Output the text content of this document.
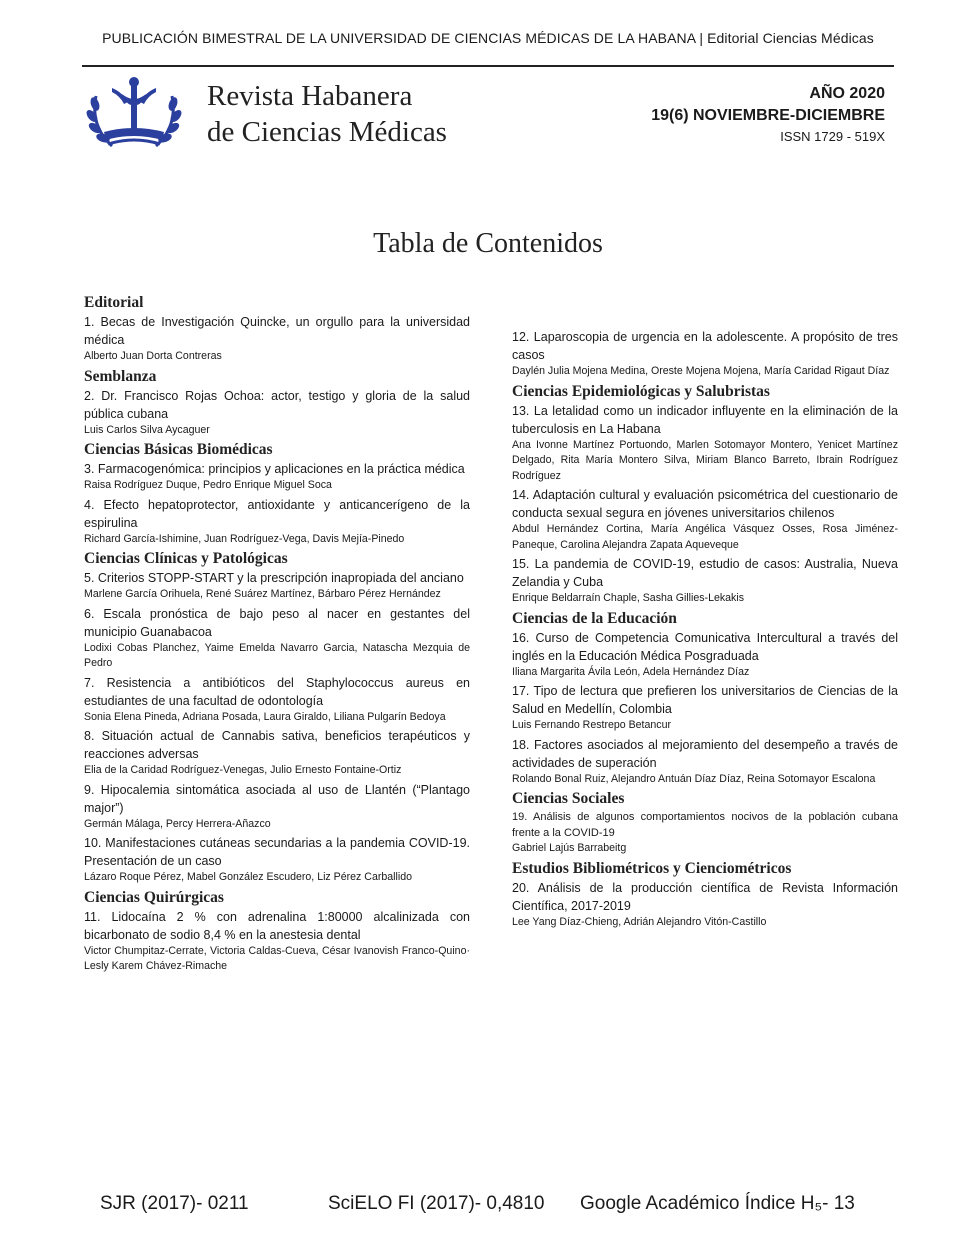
PUBLICACIÓN BIMESTRAL DE LA UNIVERSIDAD DE CIENCIAS MÉDICAS DE LA HABANA | Editorial Ciencias Médicas
Revista Habanera
de Ciencias Médicas
AÑO 2020
19(6) NOVIEMBRE-DICIEMBRE
ISSN 1729 - 519X
Tabla de Contenidos
Editorial
1. Becas de Investigación Quincke, un orgullo para la universidad médica
Alberto Juan Dorta Contreras
Semblanza
2. Dr. Francisco Rojas Ochoa: actor, testigo y gloria de la salud pública cubana
Luis Carlos Silva Aycaguer
Ciencias Básicas Biomédicas
3. Farmacogenómica: principios y aplicaciones en la práctica médica
Raisa Rodríguez Duque, Pedro Enrique Miguel Soca
4. Efecto hepatoprotector, antioxidante y anticancerígeno de la espirulina
Richard García-Ishimine, Juan Rodríguez-Vega, Davis Mejía-Pinedo
Ciencias Clínicas y Patológicas
5. Criterios STOPP-START y la prescripción inapropiada del anciano
Marlene García Orihuela, René Suárez Martínez, Bárbaro Pérez Hernández
6. Escala pronóstica de bajo peso al nacer en gestantes del municipio Guanabacoa
Lodixi Cobas Planchez, Yaime Emelda Navarro Garcia, Natascha Mezquia de Pedro
7. Resistencia a antibióticos del Staphylococcus aureus en estudiantes de una facultad de odontología
Sonia Elena Pineda, Adriana Posada, Laura Giraldo, Liliana Pulgarín Bedoya
8. Situación actual de Cannabis sativa, beneficios terapéuticos y reacciones adversas
Elia de la Caridad Rodríguez-Venegas, Julio Ernesto Fontaine-Ortiz
9. Hipocalemia sintomática asociada al uso de Llantén (“Plantago major”)
Germán Málaga, Percy Herrera-Añazco
10. Manifestaciones cutáneas secundarias a la pandemia COVID-19. Presentación de un caso
Lázaro Roque Pérez, Mabel González Escudero, Liz Pérez Carballido
Ciencias Quirúrgicas
11. Lidocaína 2 % con adrenalina 1:80000 alcalinizada con bicarbonato de sodio 8,4 % en la anestesia dental
Victor Chumpitaz-Cerrate, Victoria Caldas-Cueva, César Ivanovish Franco-Quino· Lesly Karem Chávez-Rimache
12. Laparoscopia de urgencia en la adolescente. A propósito de tres casos
Daylén Julia Mojena Medina, Oreste Mojena Mojena, María Caridad Rigaut Díaz
Ciencias Epidemiológicas y Salubristas
13. La letalidad como un indicador influyente en la eliminación de la tuberculosis en La Habana
Ana Ivonne Martínez Portuondo, Marlen Sotomayor Montero, Yenicet Martínez Delgado, Rita María Montero Silva, Miriam Blanco Barreto, Ibrain Rodríguez Rodríguez
14. Adaptación cultural y evaluación psicométrica del cuestionario de conducta sexual segura en jóvenes universitarios chilenos
Abdul Hernández Cortina, María Angélica Vásquez Osses, Rosa Jiménez-Paneque, Carolina Alejandra Zapata Aqueveque
15. La pandemia de COVID-19, estudio de casos: Australia, Nueva Zelandia y Cuba
Enrique Beldarraín Chaple, Sasha Gillies-Lekakis
Ciencias de la Educación
16. Curso de Competencia Comunicativa Intercultural a través del inglés en la Educación Médica Posgraduada
Iliana Margarita Ávila León, Adela Hernández Díaz
17. Tipo de lectura que prefieren los universitarios de Ciencias de la Salud en Medellín, Colombia
Luis Fernando Restrepo Betancur
18. Factores asociados al mejoramiento del desempeño a través de actividades de superación
Rolando Bonal Ruiz, Alejandro Antuán Díaz Díaz, Reina Sotomayor Escalona
Ciencias Sociales
19. Análisis de algunos comportamientos nocivos de la población cubana frente a la COVID-19
Gabriel Lajús Barrabeitg
Estudios Bibliométricos y Cienciométricos
20. Análisis de la producción científica de Revista Información Científica, 2017-2019
Lee Yang Díaz-Chieng, Adrián Alejandro Vitón-Castillo
SJR (2017)- 0211	SciELO FI (2017)- 0,4810 Google Académico Índice H₅- 13
